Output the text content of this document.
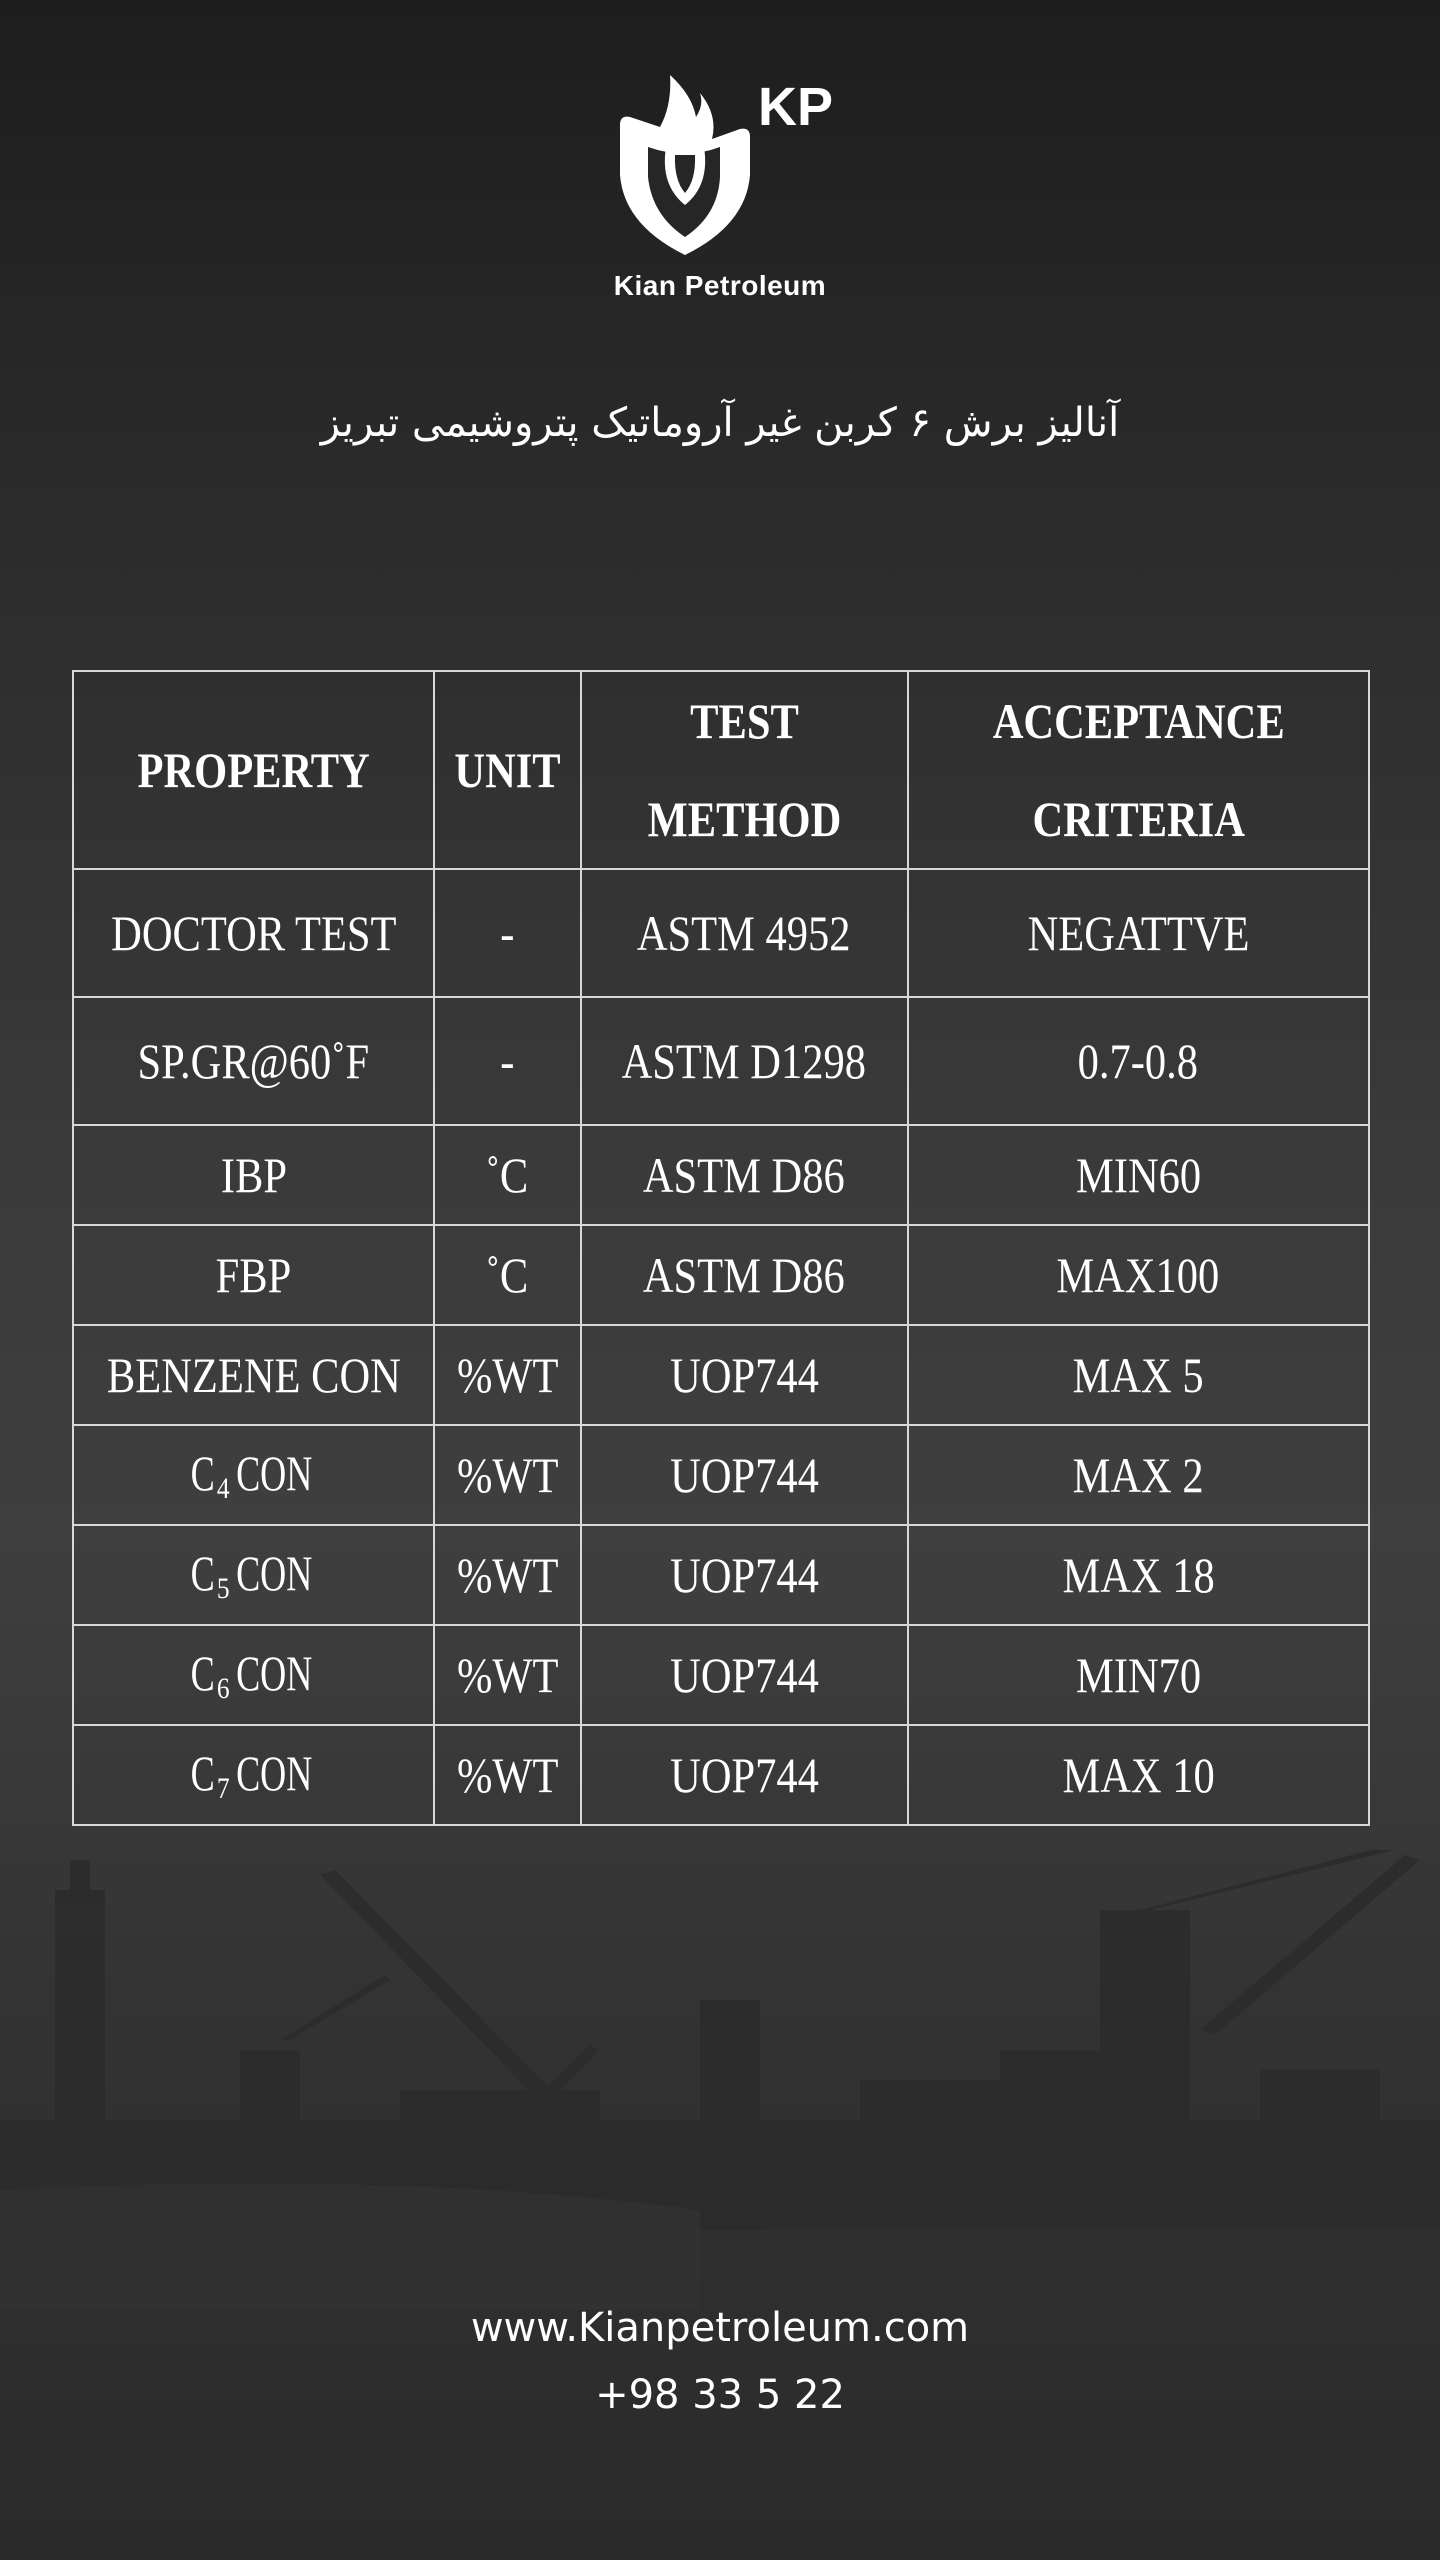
KP
Kian Petroleum
آنالیز برش ۶ کربن غیر آروماتیک پتروشیمی تبریز
PROPERTY	UNIT	TEST METHOD	ACCEPTANCE CRITERIA
DOCTOR TEST	-	ASTM 4952	NEGATTVE
SP.GR@60˚F	-	ASTM D1298	0.7-0.8
IBP	˚C	ASTM D86	MIN60
FBP	˚C	ASTM D86	MAX100
BENZENE CON	%WT	UOP744	MAX 5
$C_4$ CON	%WT	UOP744	MAX 2
$C_5$ CON	%WT	UOP744	MAX 18
$C_6$ CON	%WT	UOP744	MIN70
$C_7$ CON	%WT	UOP744	MAX 10
www.Kianpetroleum.com
+98 33 5 22
